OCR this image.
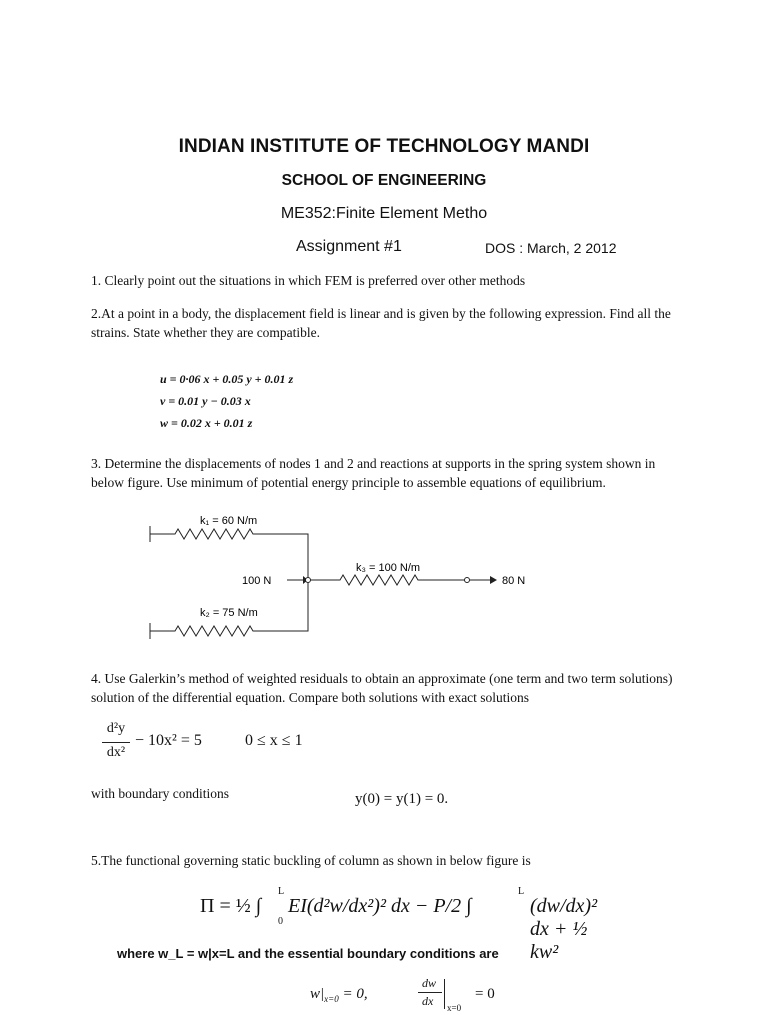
INDIAN INSTITUTE OF TECHNOLOGY MANDI
SCHOOL OF ENGINEERING
ME352:Finite Element Metho
Assignment #1	DOS : March, 2 2012
1. Clearly point out the situations in which FEM is preferred over other methods
2.At a point in a body, the displacement field is linear and is given by the following expression. Find all the strains. State whether they are compatible.
u = 0·06 x + 0.05 y + 0.01 z
v = 0.01 y − 0.03 x
w = 0.02 x + 0.01 z
3. Determine the displacements of nodes 1 and 2 and reactions at supports in the spring system shown in below figure. Use minimum of potential energy principle to assemble equations of equilibrium.
k₁ = 60 N/m
k₂ = 75 N/m
k₃ = 100 N/m
100 N	80 N
4. Use Galerkin’s method of weighted residuals to obtain an approximate (one term and two term solutions) solution of the differential equation. Compare both solutions with exact solutions
d²y
dx²
− 10x² = 5	0 ≤ x ≤ 1
with boundary conditions	y(0) = y(1) = 0.
5.The functional governing static buckling of column as shown in below figure is
Π = ½ ∫
L
0
EI(d²w/dx²)² dx − P/2 ∫
L
(dw/dx)² dx + ½ kw²
where w_L = w|x=L and the essential boundary conditions are
$w|_{x=0} = 0$,
dw
dx x=0
= 0
